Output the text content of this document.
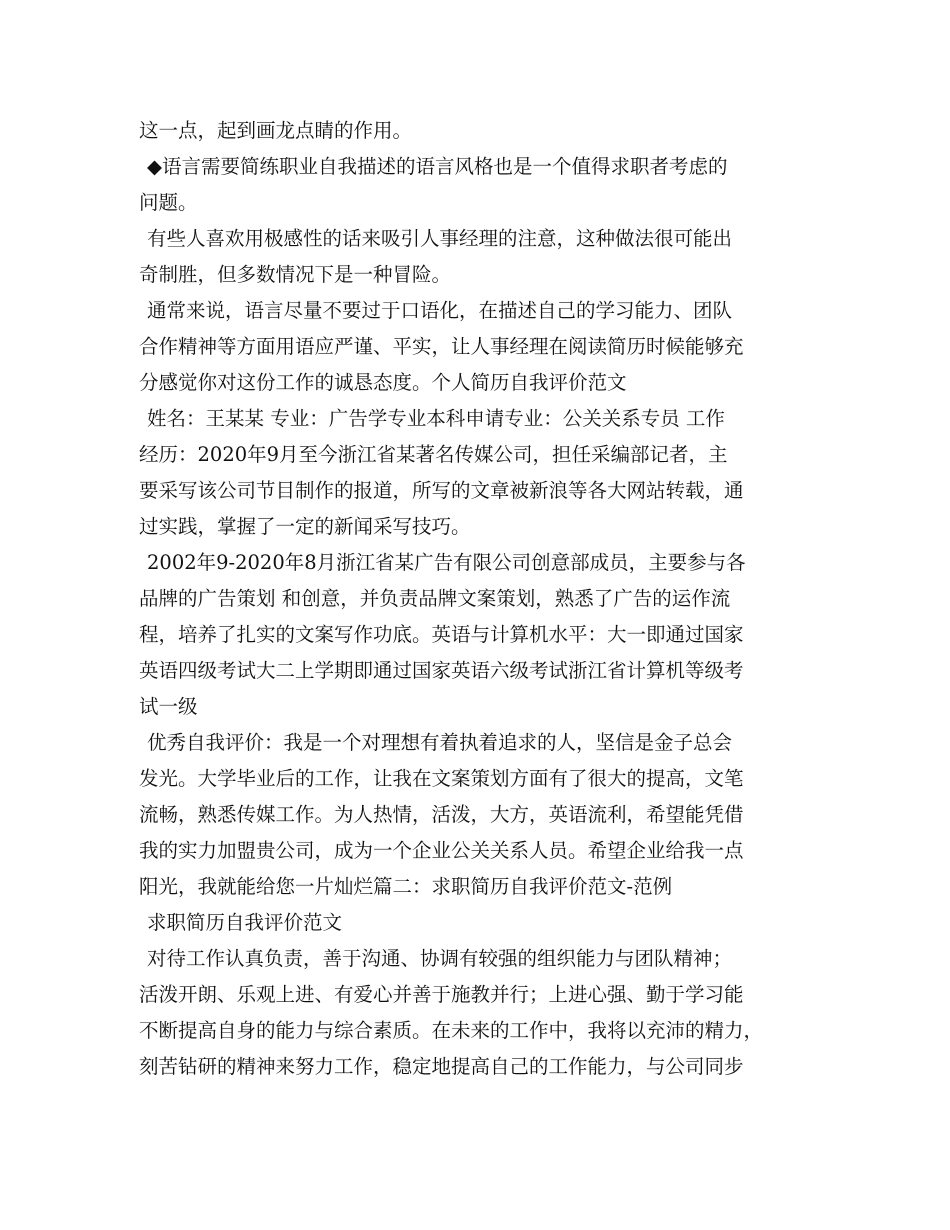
这一点，起到画龙点睛的作用。
◆语言需要简练职业自我描述的语言风格也是一个值得求职者考虑的
问题。
有些人喜欢用极感性的话来吸引人事经理的注意，这种做法很可能出
奇制胜，但多数情况下是一种冒险。
通常来说，语言尽量不要过于口语化，在描述自己的学习能力、团队
合作精神等方面用语应严谨、平实，让人事经理在阅读简历时候能够充
分感觉你对这份工作的诚恳态度。个人简历自我评价范文
姓名：王某某 专业：广告学专业本科申请专业：公关关系专员 工作
经历：2020年9月至今浙江省某著名传媒公司，担任采编部记者，主
要采写该公司节目制作的报道，所写的文章被新浪等各大网站转载，通
过实践，掌握了一定的新闻采写技巧。
2002年9-2020年8月浙江省某广告有限公司创意部成员，主要参与各
品牌的广告策划 和创意，并负责品牌文案策划，熟悉了广告的运作流
程，培养了扎实的文案写作功底。英语与计算机水平：大一即通过国家
英语四级考试大二上学期即通过国家英语六级考试浙江省计算机等级考
试一级
优秀自我评价：我是一个对理想有着执着追求的人，坚信是金子总会
发光。大学毕业后的工作，让我在文案策划方面有了很大的提高，文笔
流畅，熟悉传媒工作。为人热情，活泼，大方，英语流利，希望能凭借
我的实力加盟贵公司，成为一个企业公关关系人员。希望企业给我一点
阳光，我就能给您一片灿烂篇二：求职简历自我评价范文-范例
求职简历自我评价范文
对待工作认真负责，善于沟通、协调有较强的组织能力与团队精神；
活泼开朗、乐观上进、有爱心并善于施教并行；上进心强、勤于学习能
不断提高自身的能力与综合素质。在未来的工作中，我将以充沛的精力，
刻苦钻研的精神来努力工作，稳定地提高自己的工作能力，与公司同步
